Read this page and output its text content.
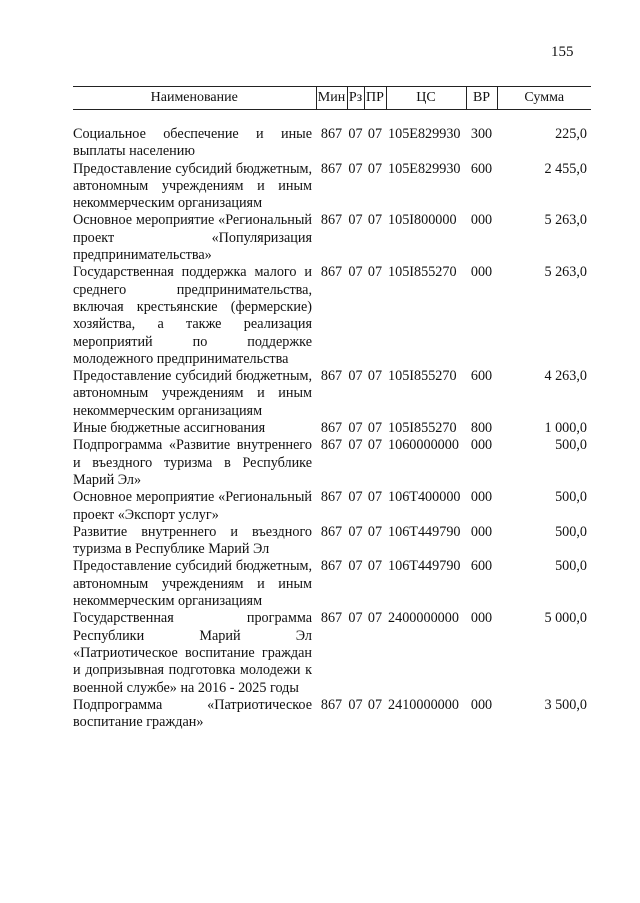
155
Наименование	Мин	Рз	ПР	ЦС	ВР	Сумма

Социальное обеспечение и иные выплаты населению	867	07	07	105Е829930	300	225,0
Предоставление субсидий бюджетным, автономным учреждениям и иным некоммерческим организациям	867	07	07	105Е829930	600	2 455,0
Основное мероприятие «Региональный проект «Популяризация предпринимательства»	867	07	07	105I800000	000	5 263,0
Государственная поддержка малого и среднего предпринимательства, включая крестьянские (фермерские) хозяйства, а также реализация мероприятий по поддержке молодежного предпринимательства	867	07	07	105I855270	000	5 263,0
Предоставление субсидий бюджетным, автономным учреждениям и иным некоммерческим организациям	867	07	07	105I855270	600	4 263,0
Иные бюджетные ассигнования	867	07	07	105I855270	800	1 000,0
Подпрограмма «Развитие внутреннего и въездного туризма в Республике Марий Эл»	867	07	07	1060000000	000	500,0
Основное мероприятие «Региональный проект «Экспорт услуг»	867	07	07	106Т400000	000	500,0
Развитие внутреннего и въездного туризма в Республике Марий Эл	867	07	07	106Т449790	000	500,0
Предоставление субсидий бюджетным, автономным учреждениям и иным некоммерческим организациям	867	07	07	106Т449790	600	500,0
Государственная программа Республики Марий Эл «Патриотическое воспитание граждан и допризывная подготовка молодежи к военной службе» на 2016 - 2025 годы	867	07	07	2400000000	000	5 000,0
Подпрограмма «Патриотическое воспитание граждан»	867	07	07	2410000000	000	3 500,0
